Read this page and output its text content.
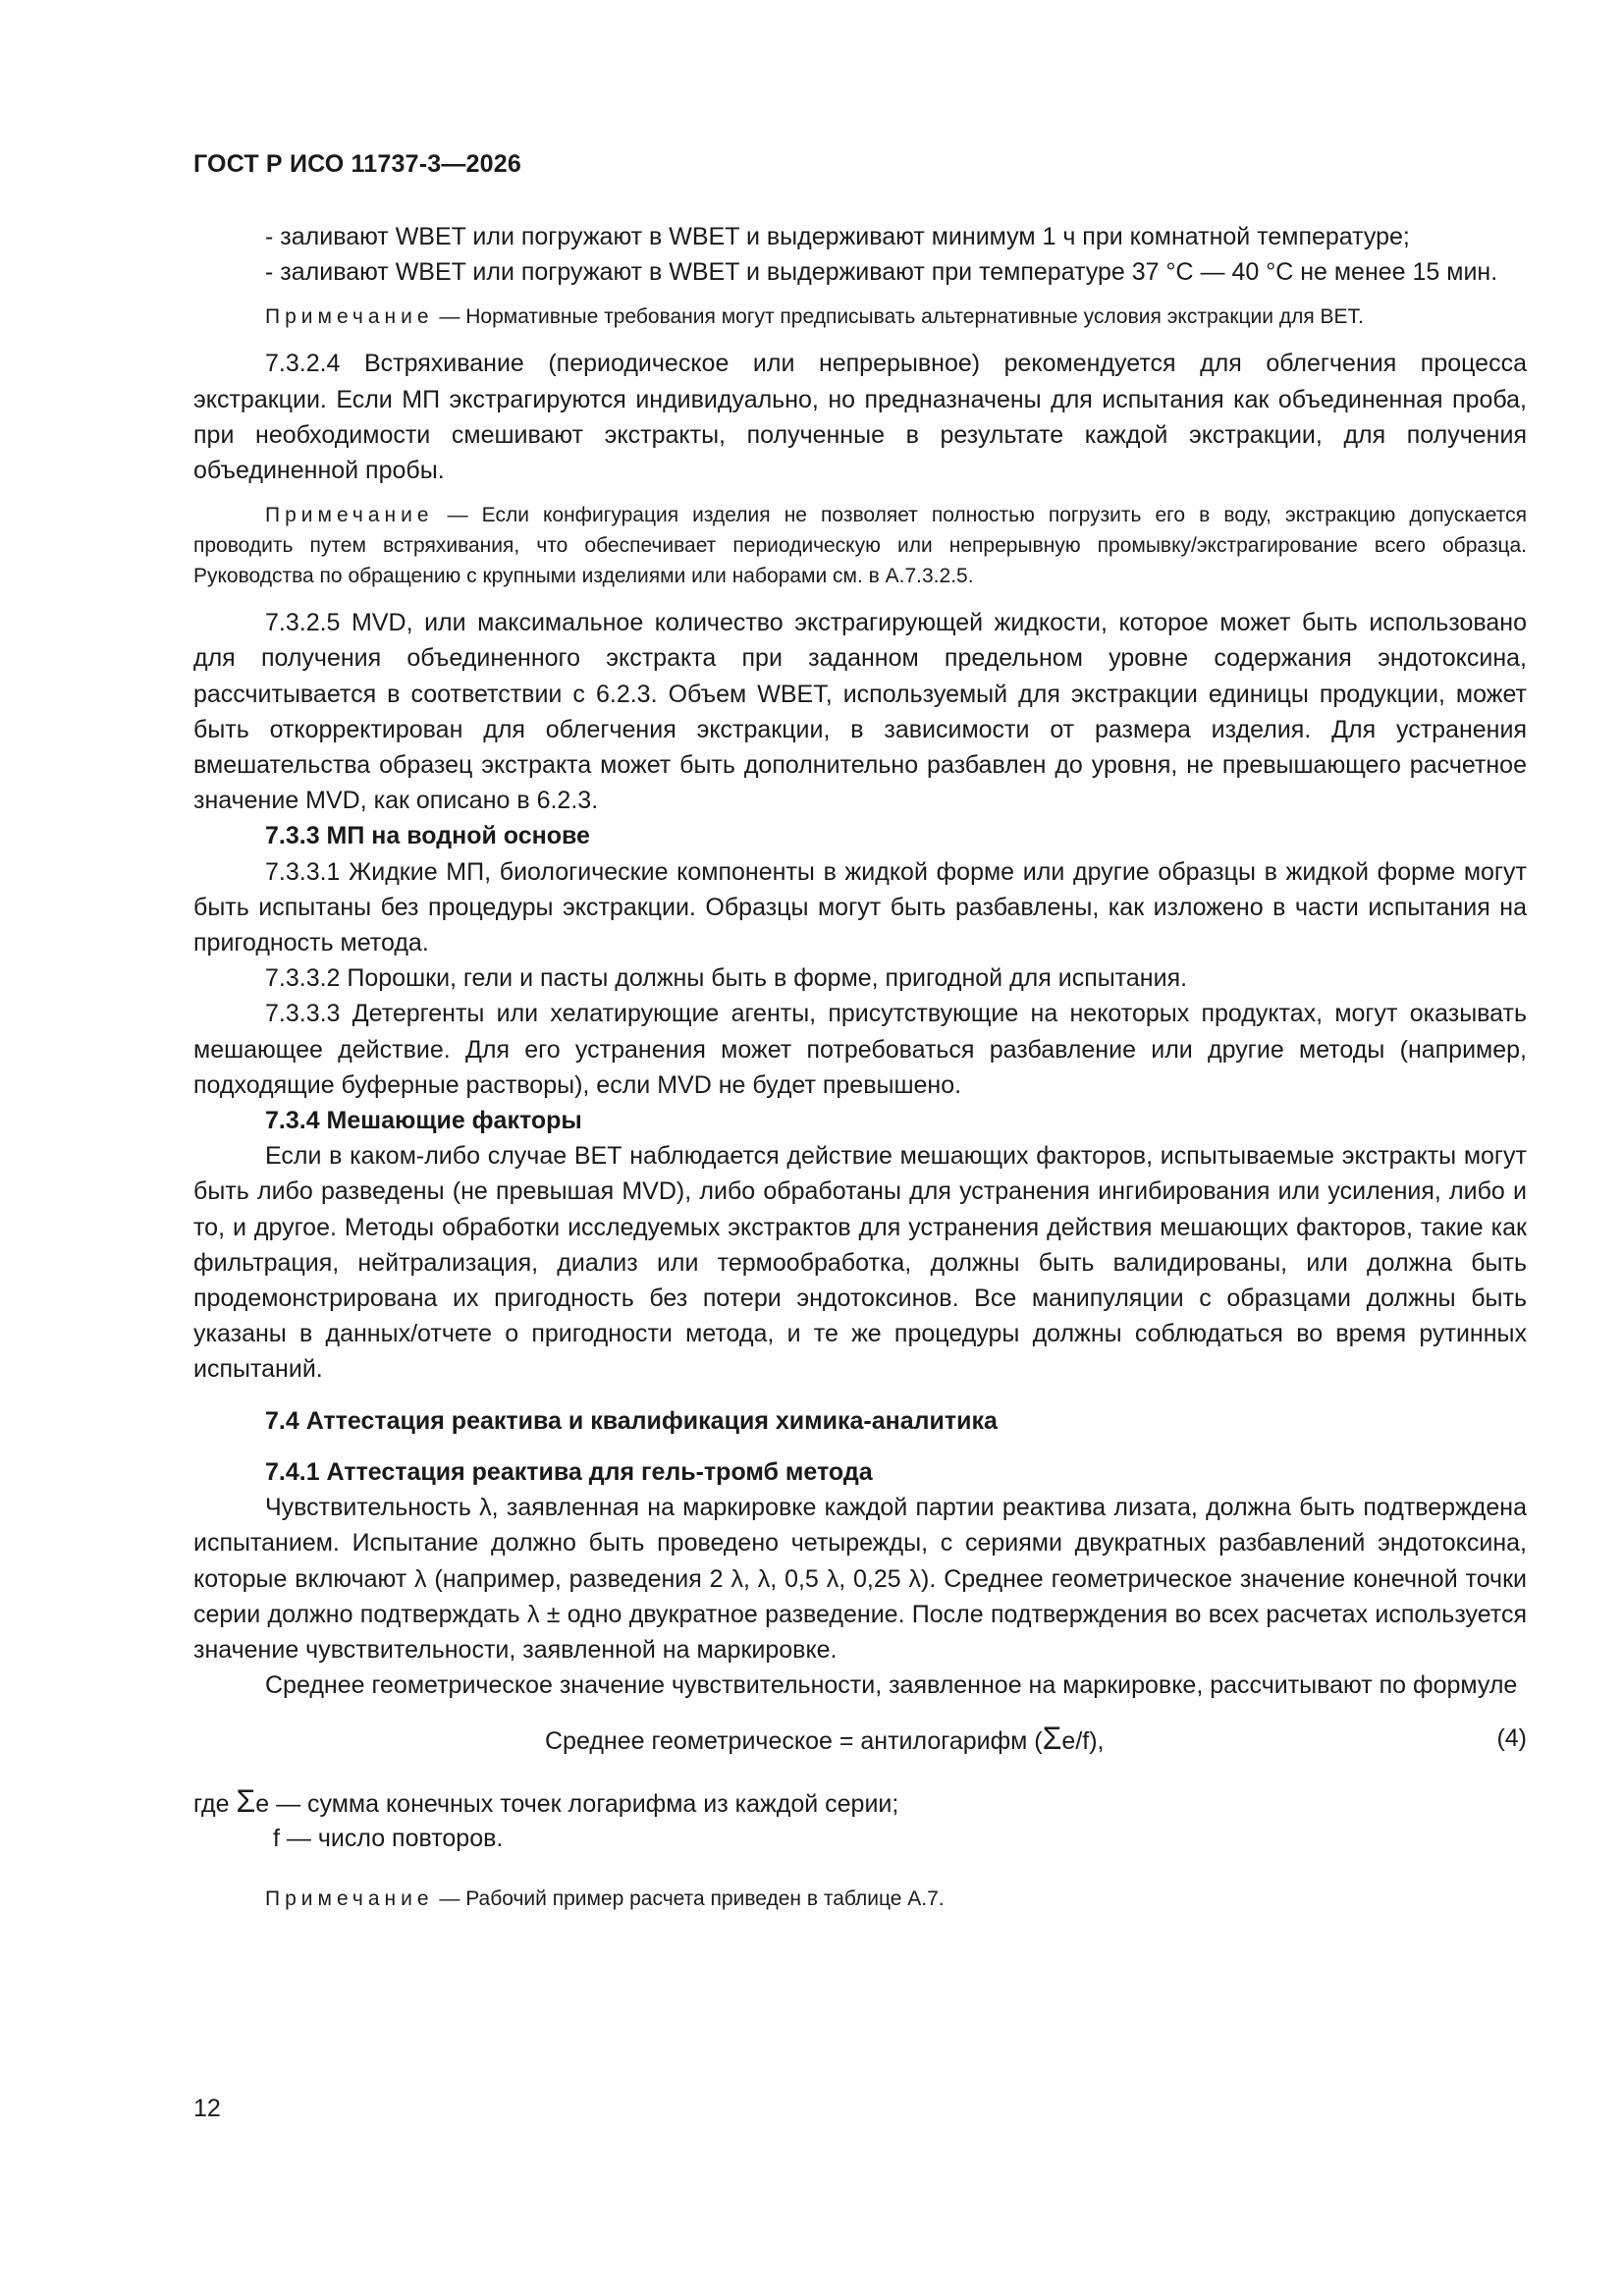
ГОСТ Р ИСО 11737-3—2026

- заливают WBET или погружают в WBET и выдерживают минимум 1 ч при комнатной температуре;

- заливают WBET или погружают в WBET и выдерживают при температуре 37 °С — 40 °С не менее 15 мин.

Примечание — Нормативные требования могут предписывать альтернативные условия экстракции для ВЕТ.

7.3.2.4 Встряхивание (периодическое или непрерывное) рекомендуется для облегчения процесса экстракции. Если МП экстрагируются индивидуально, но предназначены для испытания как объединенная проба, при необходимости смешивают экстракты, полученные в результате каждой экстракции, для получения объединенной пробы.

Примечание — Если конфигурация изделия не позволяет полностью погрузить его в воду, экстракцию допускается проводить путем встряхивания, что обеспечивает периодическую или непрерывную промывку/экстрагирование всего образца. Руководства по обращению с крупными изделиями или наборами см. в А.7.3.2.5.

7.3.2.5 MVD, или максимальное количество экстрагирующей жидкости, которое может быть использовано для получения объединенного экстракта при заданном предельном уровне содержания эндотоксина, рассчитывается в соответствии с 6.2.3. Объем WBET, используемый для экстракции единицы продукции, может быть откорректирован для облегчения экстракции, в зависимости от размера изделия. Для устранения вмешательства образец экстракта может быть дополнительно разбавлен до уровня, не превышающего расчетное значение MVD, как описано в 6.2.3.

7.3.3 МП на водной основе

7.3.3.1 Жидкие МП, биологические компоненты в жидкой форме или другие образцы в жидкой форме могут быть испытаны без процедуры экстракции. Образцы могут быть разбавлены, как изложено в части испытания на пригодность метода.

7.3.3.2 Порошки, гели и пасты должны быть в форме, пригодной для испытания.

7.3.3.3 Детергенты или хелатирующие агенты, присутствующие на некоторых продуктах, могут оказывать мешающее действие. Для его устранения может потребоваться разбавление или другие методы (например, подходящие буферные растворы), если MVD не будет превышено.

7.3.4 Мешающие факторы

Если в каком-либо случае ВЕТ наблюдается действие мешающих факторов, испытываемые экстракты могут быть либо разведены (не превышая MVD), либо обработаны для устранения ингибирования или усиления, либо и то, и другое. Методы обработки исследуемых экстрактов для устранения действия мешающих факторов, такие как фильтрация, нейтрализация, диализ или термообработка, должны быть валидированы, или должна быть продемонстрирована их пригодность без потери эндотоксинов. Все манипуляции с образцами должны быть указаны в данных/отчете о пригодности метода, и те же процедуры должны соблюдаться во время рутинных испытаний.

7.4 Аттестация реактива и квалификация химика-аналитика

7.4.1 Аттестация реактива для гель-тромб метода

Чувствительность λ, заявленная на маркировке каждой партии реактива лизата, должна быть подтверждена испытанием. Испытание должно быть проведено четырежды, с сериями двукратных разбавлений эндотоксина, которые включают λ (например, разведения 2 λ, λ, 0,5 λ, 0,25 λ). Среднее геометрическое значение конечной точки серии должно подтверждать λ ± одно двукратное разведение. После подтверждения во всех расчетах используется значение чувствительности, заявленной на маркировке.

Среднее геометрическое значение чувствительности, заявленное на маркировке, рассчитывают по формуле

Среднее геометрическое = антилогарифм (Σe/f),	(4)
где Σe — сумма конечных точек логарифма из каждой серии;
f — число повторов.

Примечание — Рабочий пример расчета приведен в таблице А.7.

12
